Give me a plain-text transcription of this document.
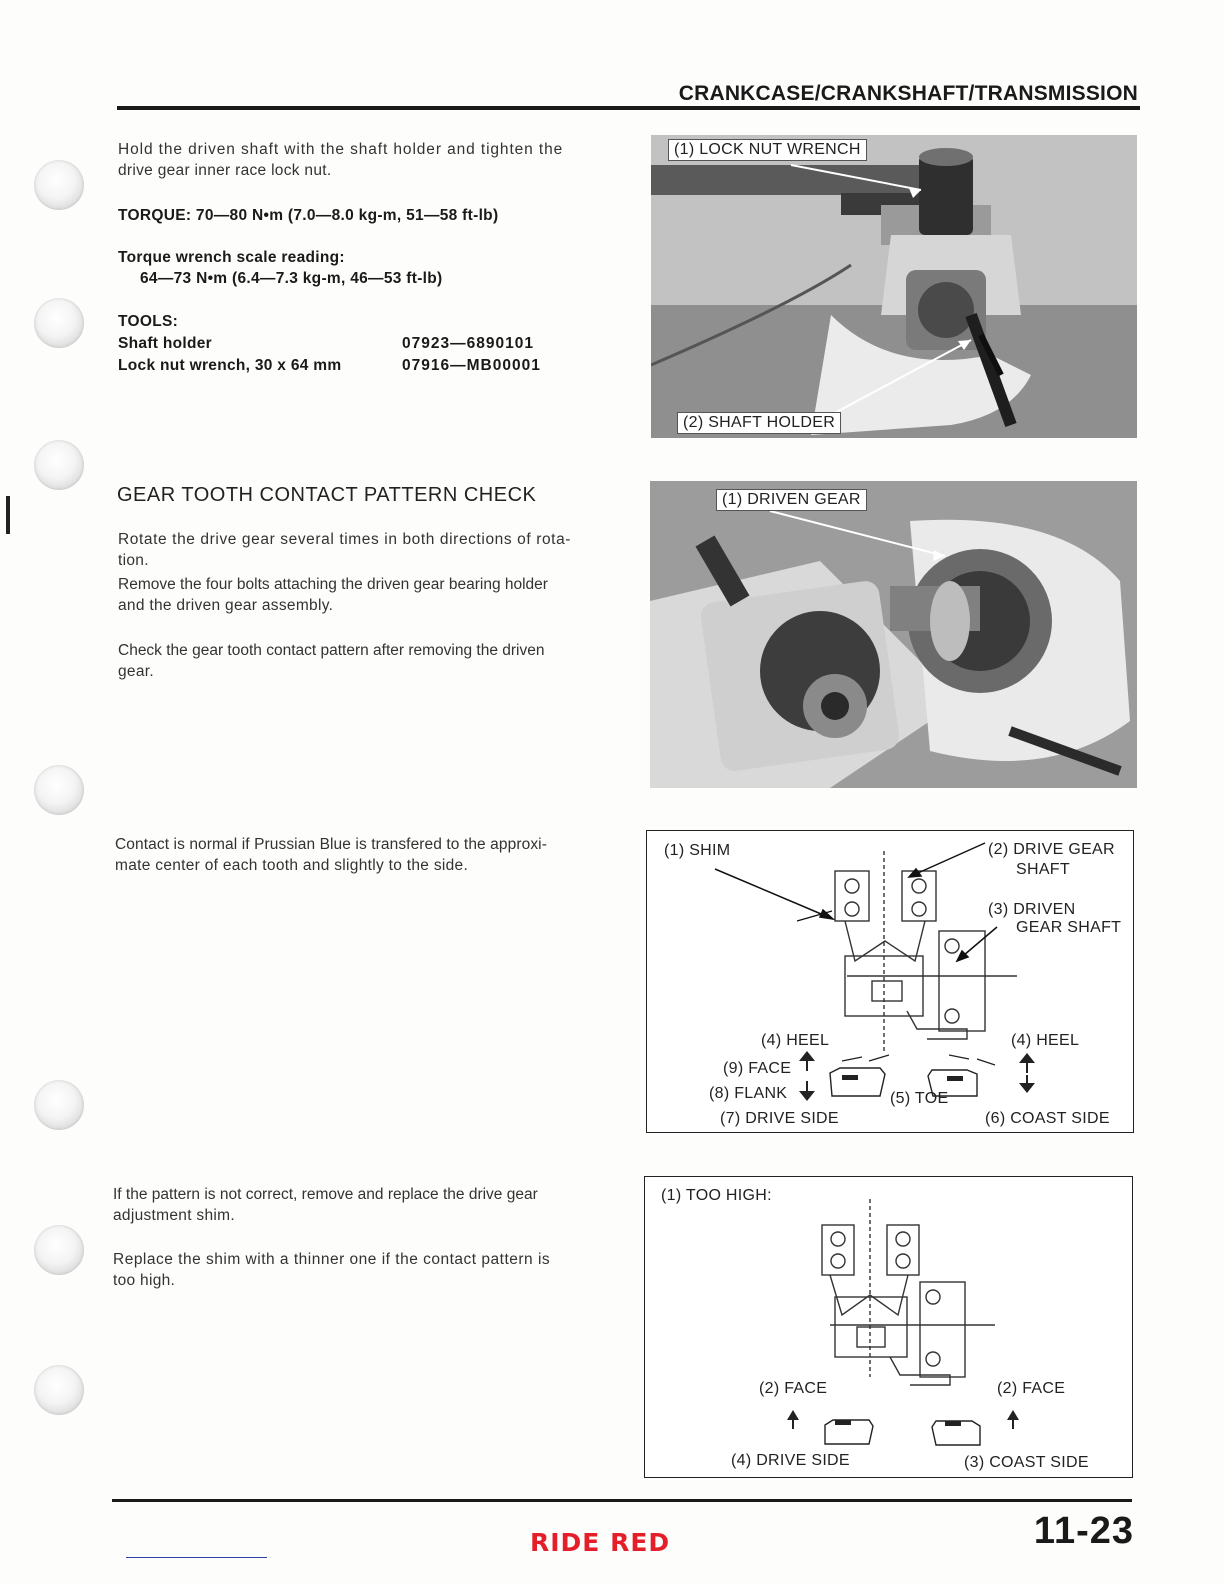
CRANKCASE/CRANKSHAFT/TRANSMISSION
Hold the driven shaft with the shaft holder and tighten the
drive gear inner race lock nut.
TORQUE: 70—80 N•m (7.0—8.0 kg-m, 51—58 ft-lb)
Torque wrench scale reading:
64—73 N•m (6.4—7.3 kg-m, 46—53 ft-lb)
TOOLS:
Shaft holder	07923—6890101
Lock nut wrench, 30 x 64 mm	07916—MB00001
(1) LOCK NUT WRENCH
(2) SHAFT HOLDER
GEAR TOOTH CONTACT PATTERN CHECK
Rotate the drive gear several times in both directions of rota-
tion.
Remove the four bolts attaching the driven gear bearing holder
and the driven gear assembly.
Check the gear tooth contact pattern after removing the driven
gear.
(1) DRIVEN GEAR
Contact is normal if Prussian Blue is transfered to the approxi-
mate center of each tooth and slightly to the side.
(1) SHIM	(2) DRIVE GEAR
SHAFT
(3) DRIVEN
GEAR SHAFT
(4) HEEL	(4) HEEL
(9) FACE
(8) FLANK	(5) TOE
(7) DRIVE SIDE	(6) COAST SIDE
If the pattern is not correct, remove and replace the drive gear
adjustment shim.
Replace the shim with a thinner one if the contact pattern is
too high.
(1) TOO HIGH:
(2) FACE	(2) FACE
(4) DRIVE SIDE	(3) COAST SIDE
RIDE RED	11-23
